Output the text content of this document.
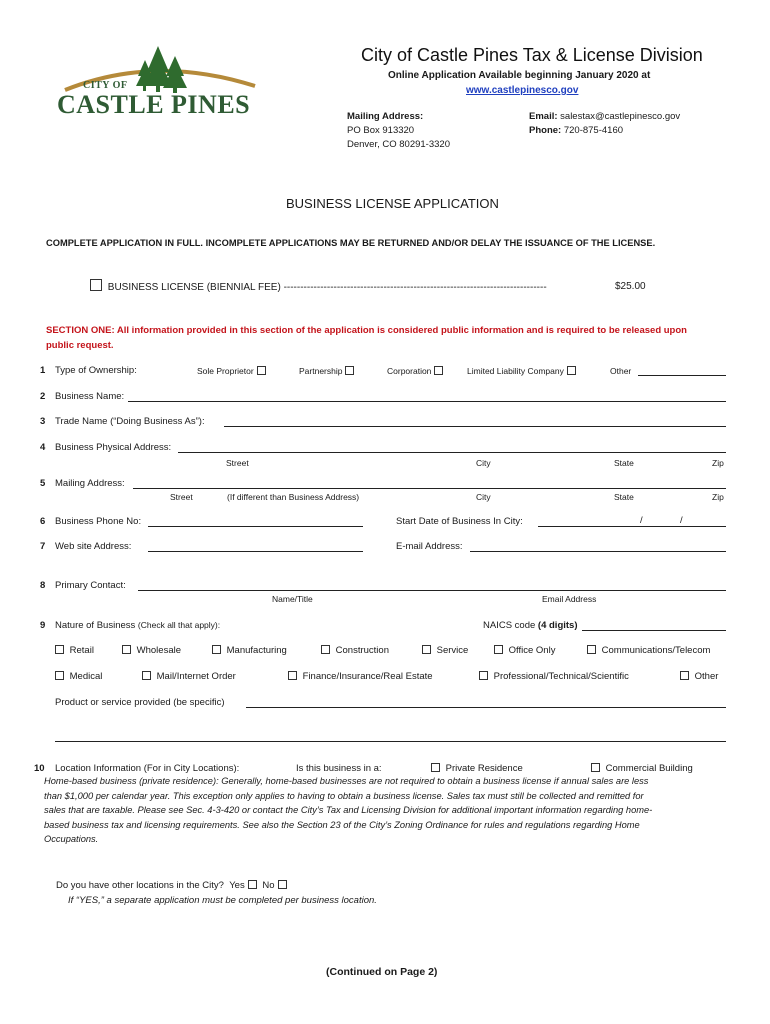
CITY OF
CASTLE PINES
City of Castle Pines Tax & License Division
Online Application Available beginning January 2020 at
www.castlepinesco.gov
Mailing Address:
PO Box 913320
Denver, CO 80291-3320
Email: salestax@castlepinesco.gov
Phone: 720-875-4160
BUSINESS LICENSE APPLICATION
COMPLETE APPLICATION IN FULL. INCOMPLETE APPLICATIONS MAY BE RETURNED AND/OR DELAY THE ISSUANCE OF THE LICENSE.
BUSINESS LICENSE (BIENNIAL FEE) -------------------------------------------------------------------------------	$25.00
SECTION ONE: All information provided in this section of the application is considered public information and is required to be released upon
public request.
1 Type of Ownership:	Sole Proprietor	Partnership	Corporation	Limited Liability Company	Other
2 Business Name:
3 Trade Name (“Doing Business As”):
4 Business Physical Address:
Street	City	State	Zip
5 Mailing Address:
Street	(If different than Business Address)	City	State	Zip
6 Business Phone No:	Start Date of Business In City:	/	/
7 Web site Address:	E-mail Address:
8 Primary Contact:
Name/Title	Email Address
9 Nature of Business (Check all that apply):	NAICS code (4 digits)
Retail	Wholesale	Manufacturing	Construction	Service	Office Only	Communications/Telecom
Medical	Mail/Internet Order	Finance/Insurance/Real Estate	Professional/Technical/Scientific	Other
Product or service provided (be specific)
10 Location Information (For in City Locations):	Is this business in a:	Private Residence	Commercial Building
Home-based business (private residence): Generally, home-based businesses are not required to obtain a business license if annual sales are less
than $1,000 per calendar year. This exception only applies to having to obtain a business license. Sales tax must still be collected and remitted for
sales that are taxable. Please see Sec. 4-3-420 or contact the City’s Tax and Licensing Division for additional important information regarding home-
based business tax and licensing requirements. See also the Section 23 of the City’s Zoning Ordinance for rules and regulations regarding Home
Occupations.
Do you have other locations in the City? Yes No
If “YES,” a separate application must be completed per business location.
(Continued on Page 2)
